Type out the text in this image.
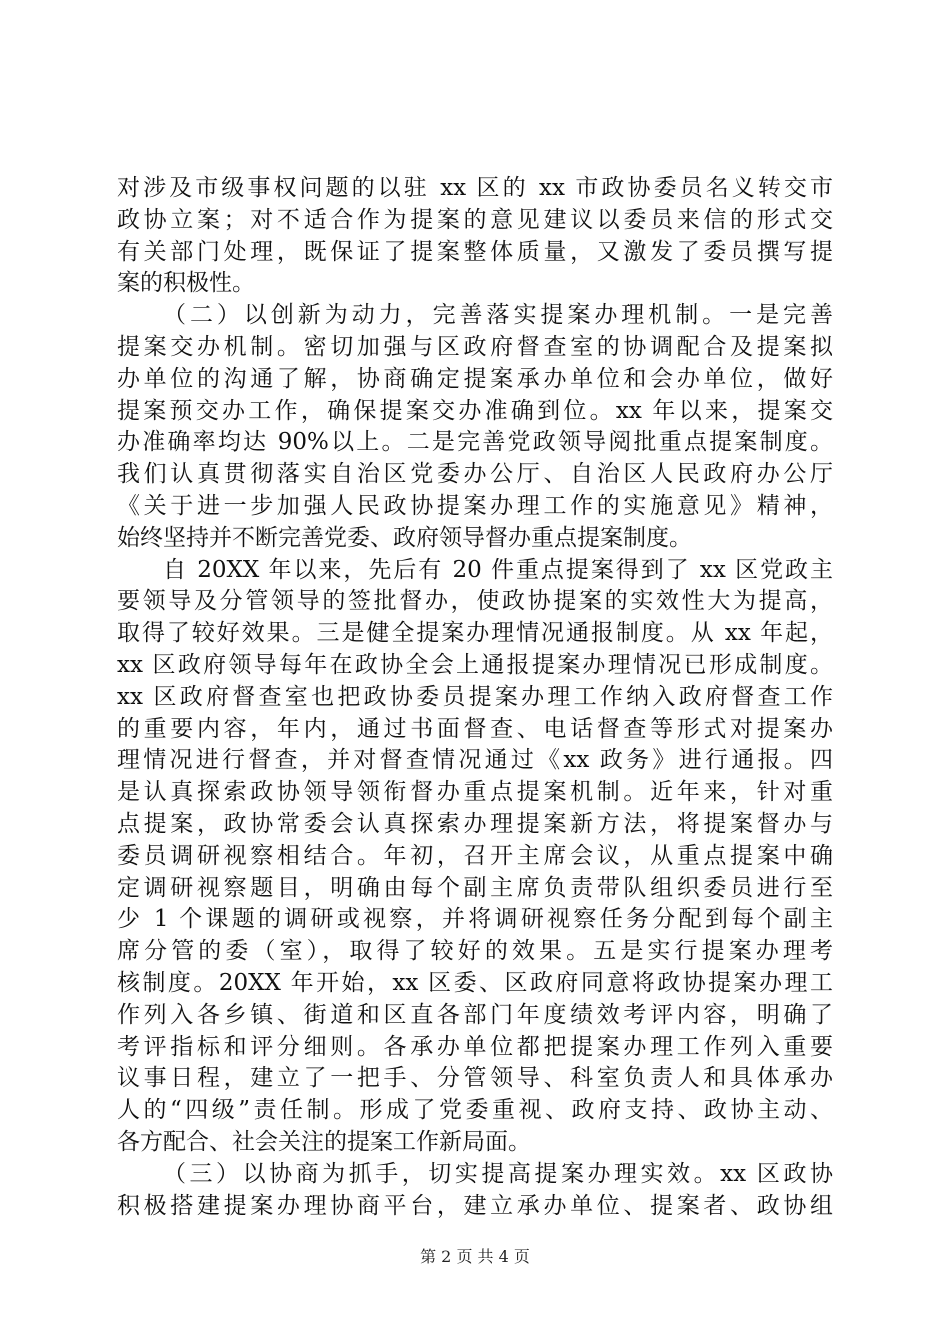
对涉及市级事权问题的以驻 xx 区的 xx 市政协委员名义转交市
政协立案；对不适合作为提案的意见建议以委员来信的形式交
有关部门处理，既保证了提案整体质量，又激发了委员撰写提
案的积极性。
（二）以创新为动力，完善落实提案办理机制。一是完善
提案交办机制。密切加强与区政府督查室的协调配合及提案拟
办单位的沟通了解，协商确定提案承办单位和会办单位，做好
提案预交办工作，确保提案交办准确到位。xx 年以来，提案交
办准确率均达 90%以上。二是完善党政领导阅批重点提案制度。
我们认真贯彻落实自治区党委办公厅、自治区人民政府办公厅
《关于进一步加强人民政协提案办理工作的实施意见》精神，
始终坚持并不断完善党委、政府领导督办重点提案制度。
自 20XX 年以来，先后有 20 件重点提案得到了 xx 区党政主
要领导及分管领导的签批督办，使政协提案的实效性大为提高，
取得了较好效果。三是健全提案办理情况通报制度。从 xx 年起，
xx 区政府领导每年在政协全会上通报提案办理情况已形成制度。
xx 区政府督查室也把政协委员提案办理工作纳入政府督查工作
的重要内容，年内，通过书面督查、电话督查等形式对提案办
理情况进行督查，并对督查情况通过《xx 政务》进行通报。四
是认真探索政协领导领衔督办重点提案机制。近年来，针对重
点提案，政协常委会认真探索办理提案新方法，将提案督办与
委员调研视察相结合。年初，召开主席会议，从重点提案中确
定调研视察题目，明确由每个副主席负责带队组织委员进行至
少 1 个课题的调研或视察，并将调研视察任务分配到每个副主
席分管的委（室），取得了较好的效果。五是实行提案办理考
核制度。20XX 年开始，xx 区委、区政府同意将政协提案办理工
作列入各乡镇、街道和区直各部门年度绩效考评内容，明确了
考评指标和评分细则。各承办单位都把提案办理工作列入重要
议事日程，建立了一把手、分管领导、科室负责人和具体承办
人的“四级”责任制。形成了党委重视、政府支持、政协主动、
各方配合、社会关注的提案工作新局面。
（三）以协商为抓手，切实提高提案办理实效。xx 区政协
积极搭建提案办理协商平台，建立承办单位、提案者、政协组
第 2 页 共 4 页
